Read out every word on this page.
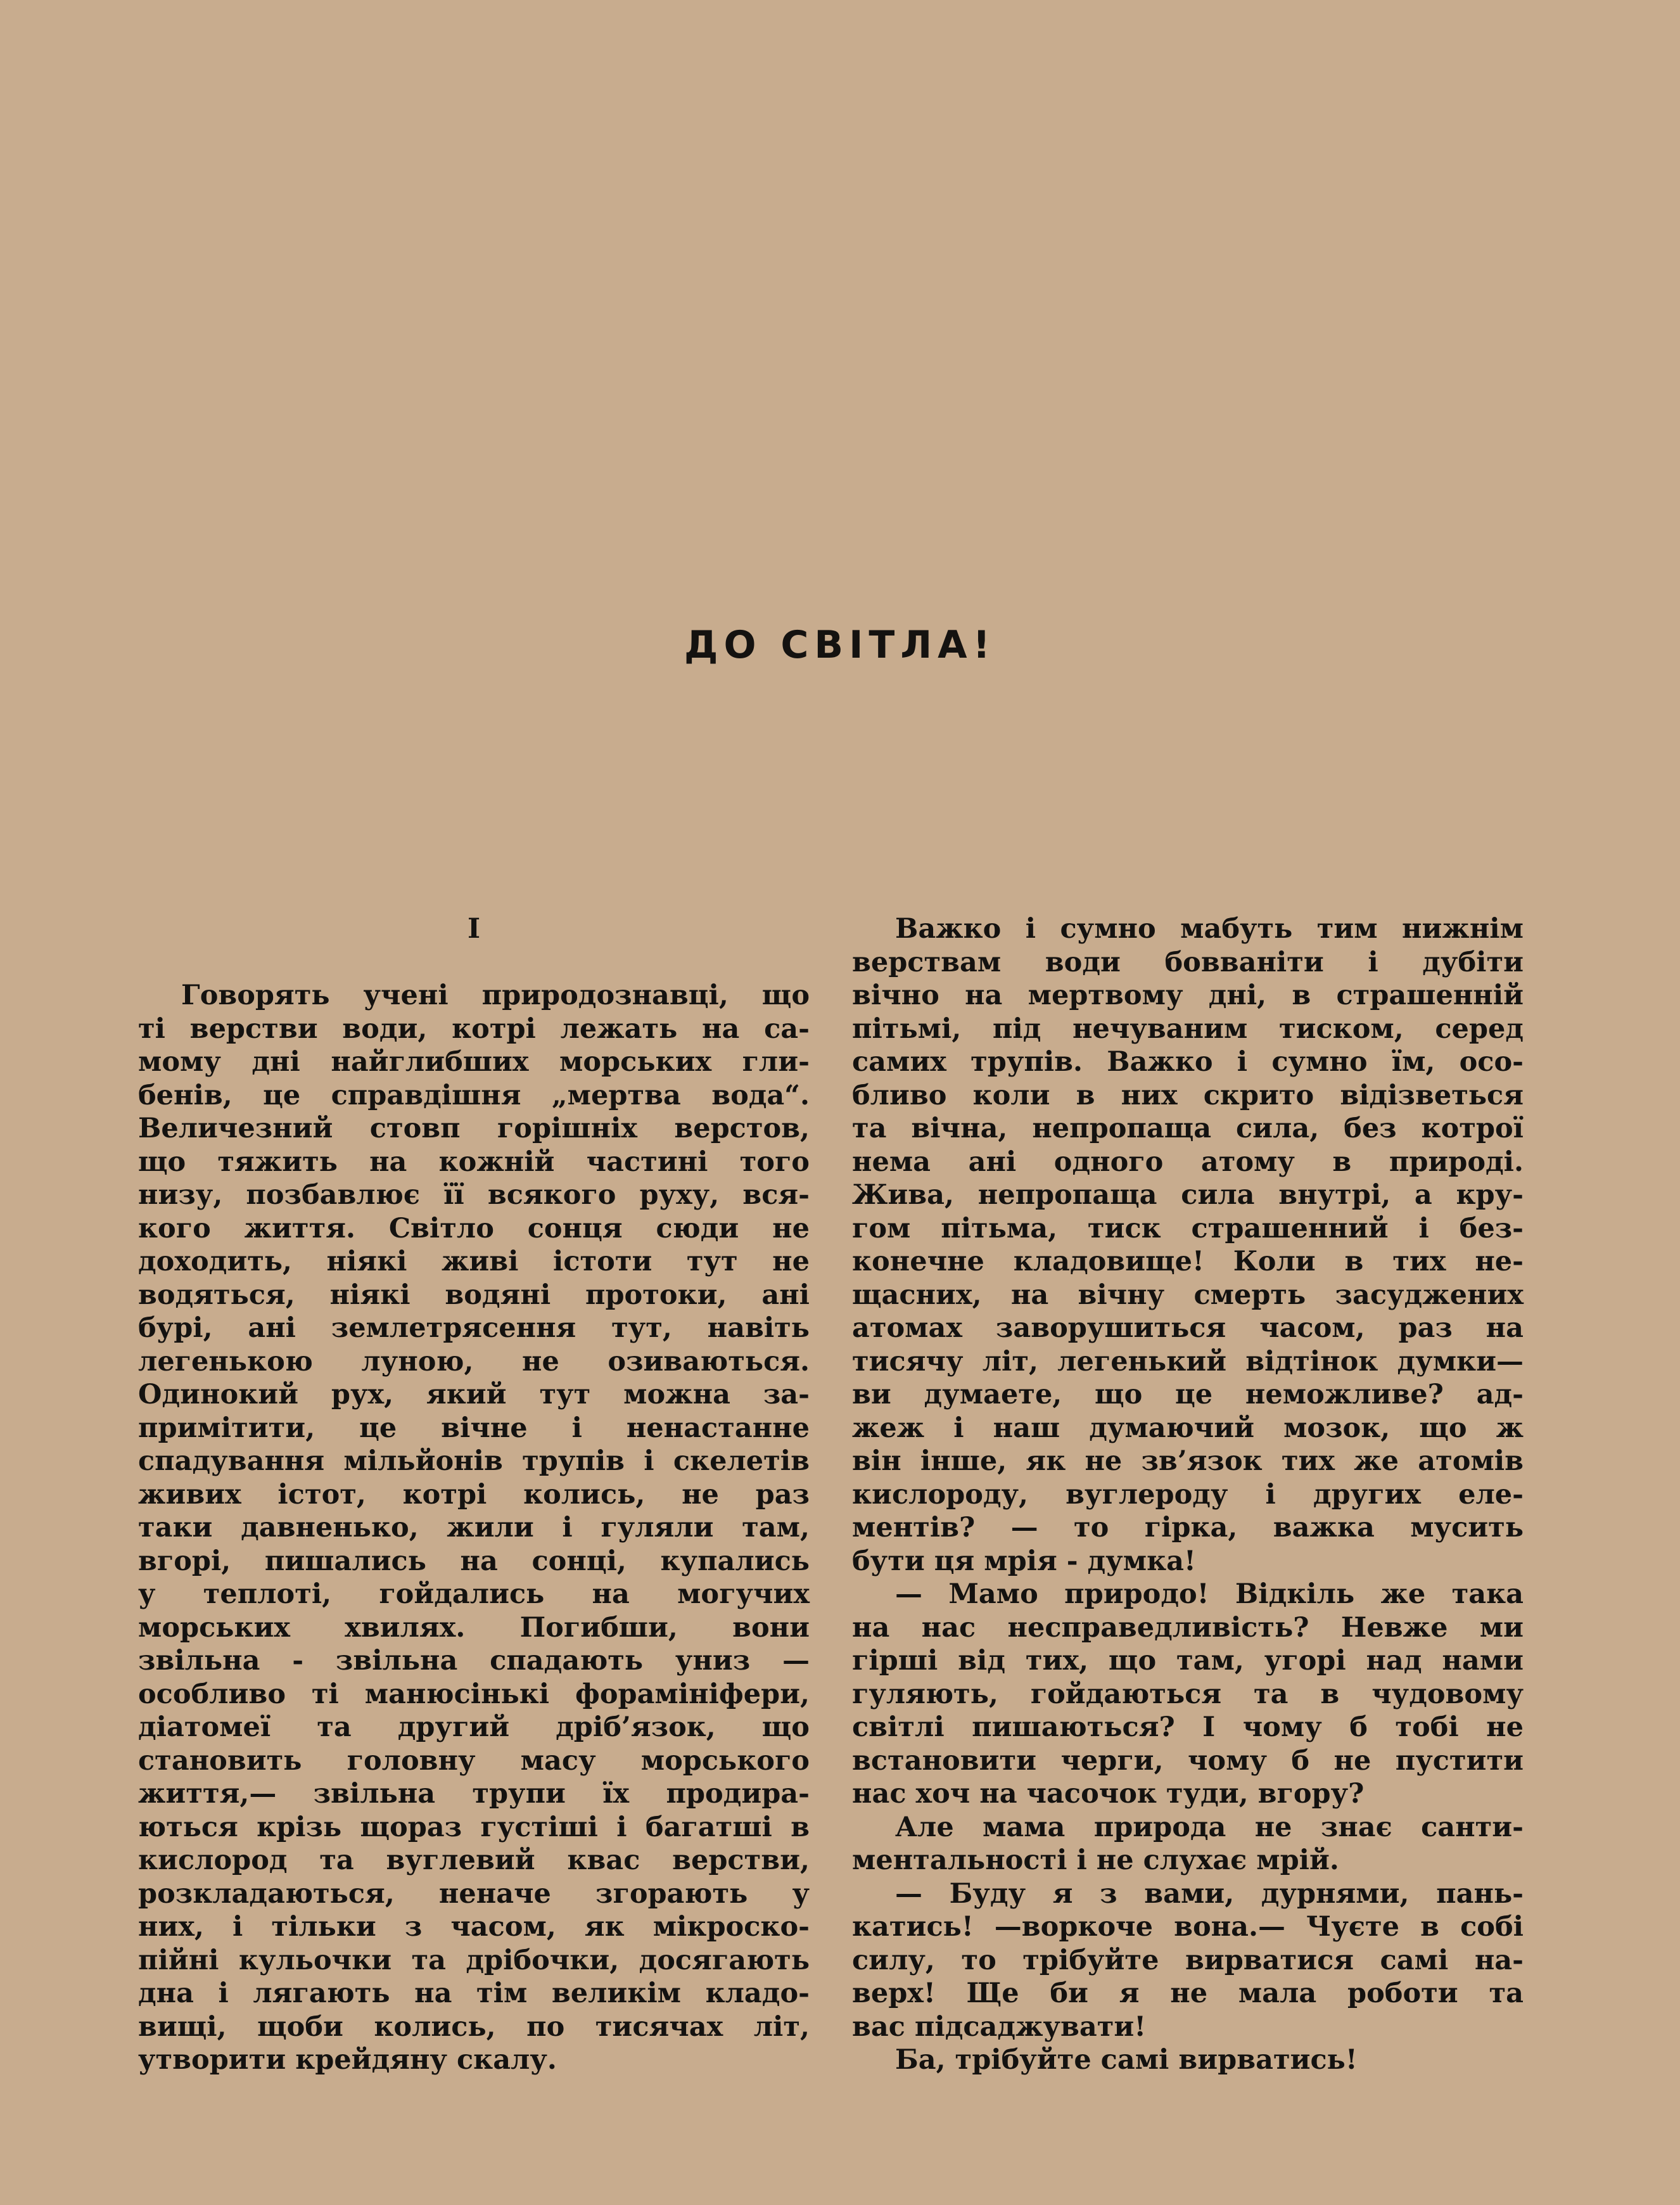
ДО СВІТЛА!
I
Говорять учені природознавці, що
ті верстви води, котрі лежать на са-
мому дні найглибших морських гли-
бенів, це справдішня „мертва вода“.
Величезний стовп горішніх верстов,
що тяжить на кожній частині того
низу, позбавлює її всякого руху, вся-
кого життя. Світло сонця сюди не
доходить, ніякі живі істоти тут не
водяться, ніякі водяні протоки, ані
бурі, ані землетрясення тут, навіть
легенькою луною, не озиваються.
Одинокий рух, який тут можна за-
примітити, це вічне і ненастанне
спадування мільйонів трупів і скелетів
живих істот, котрі колись, не раз
таки давненько, жили і гуляли там,
вгорі, пишались на сонці, купались
у теплоті, гойдались на могучих
морських хвилях. Погибши, вони
звільна - звільна спадають униз —
особливо ті манюсінькі форамініфери,
діатомеї та другий дріб’язок, що
становить головну масу морського
життя,— звільна трупи їх продира-
ються крізь щораз густіші і багатші в
кислород та вуглевий квас верстви,
розкладаються, неначе згорають у
них, і тільки з часом, як мікроско-
пійні кульочки та дрібочки, досягають
дна і лягають на тім великім кладо-
вищі, щоби колись, по тисячах літ,
утворити крейдяну скалу.
Важко і сумно мабуть тим нижнім
верствам води бовваніти і дубіти
вічно на мертвому дні, в страшенній
пітьмі, під нечуваним тиском, серед
самих трупів. Важко і сумно їм, осо-
бливо коли в них скрито відізветься
та вічна, непропаща сила, без котрої
нема ані одного атому в природі.
Жива, непропаща сила внутрі, а кру-
гом пітьма, тиск страшенний і без-
конечне кладовище! Коли в тих не-
щасних, на вічну смерть засуджених
атомах заворушиться часом, раз на
тисячу літ, легенький відтінок думки—
ви думаете, що це неможливе? ад-
жеж і наш думаючий мозок, що ж
він інше, як не зв’язок тих же атомів
кислороду, вуглероду і других еле-
ментів? — то гірка, важка мусить
бути ця мрія - думка!
— Мамо природо! Відкіль же така
на нас несправедливість? Невже ми
гірші від тих, що там, угорі над нами
гуляють, гойдаються та в чудовому
світлі пишаються? І чому б тобі не
встановити черги, чому б не пустити
нас хоч на часочок туди, вгору?
Але мама природа не знає санти-
ментальності і не слухає мрій.
— Буду я з вами, дурнями, пань-
катись! —воркоче вона.— Чуєте в собі
силу, то трібуйте вирватися самі на-
верх! Ще би я не мала роботи та
вас підсаджувати!
Ба, трібуйте самі вирватись!
